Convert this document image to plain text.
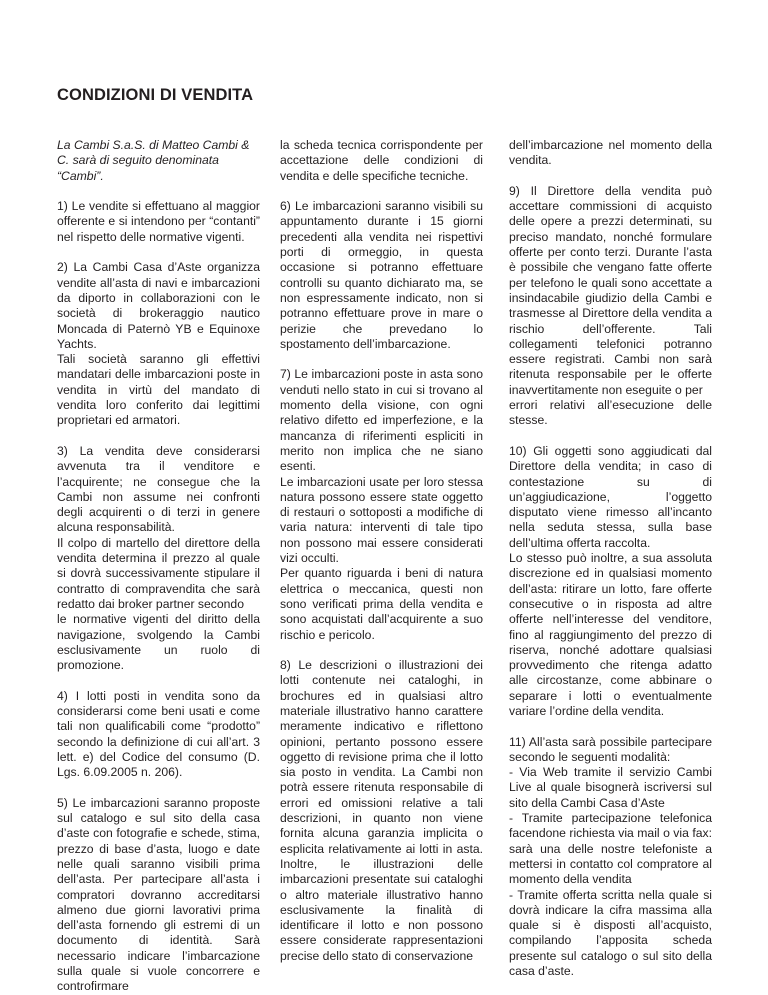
CONDIZIONI DI VENDITA

La Cambi S.a.S. di Matteo Cambi & C. sarà di seguito denominata “Cambi”.

1) Le vendite si effettuano al maggior offerente e si intendono per “contanti” nel rispetto delle normative vigenti.

2) La Cambi Casa d’Aste organizza vendite all’asta di navi e imbarcazioni da diporto in collaborazioni con le società di brokeraggio nautico Moncada di Paternò YB e Equinoxe Yachts.
Tali società saranno gli effettivi mandatari delle imbarcazioni poste in vendita in virtù del mandato di vendita loro conferito dai legittimi proprietari ed armatori.

3) La vendita deve considerarsi avvenuta tra il venditore e l’acquirente; ne consegue che la Cambi non assume nei confronti degli acquirenti o di terzi in genere alcuna responsabilità.
Il colpo di martello del direttore della vendita determina il prezzo al quale si dovrà successivamente stipulare il contratto di compravendita che sarà redatto dai broker partner secondo
le normative vigenti del diritto della navigazione, svolgendo la Cambi esclusivamente un ruolo di promozione.

4) I lotti posti in vendita sono da considerarsi come beni usati e come tali non qualificabili come “prodotto” secondo la definizione di cui all’art. 3 lett. e) del Codice del consumo (D. Lgs. 6.09.2005 n. 206).

5) Le imbarcazioni saranno proposte sul catalogo e sul sito della casa d’aste con fotografie e schede, stima, prezzo di base d’asta, luogo e date nelle quali saranno visibili prima dell’asta. Per partecipare all’asta i compratori dovranno accreditarsi almeno due giorni lavorativi prima dell’asta fornendo gli estremi di un documento di identità. Sarà necessario indicare l’imbarcazione sulla quale si vuole concorrere e controfirmare

la scheda tecnica corrispondente per accettazione delle condizioni di vendita e delle specifiche tecniche.

6) Le imbarcazioni saranno visibili su appuntamento durante i 15 giorni precedenti alla vendita nei rispettivi porti di ormeggio, in questa occasione si potranno effettuare controlli su quanto dichiarato ma, se non espressamente indicato, non si potranno effettuare prove in mare o perizie che prevedano lo spostamento dell’imbarcazione.

7) Le imbarcazioni poste in asta sono venduti nello stato in cui si trovano al momento della visione, con ogni relativo difetto ed imperfezione, e la mancanza di riferimenti espliciti in merito non implica che ne siano esenti.
Le imbarcazioni usate per loro stessa natura possono essere state oggetto di restauri o sottoposti a modifiche di varia natura: interventi di tale tipo non possono mai essere considerati vizi occulti.
Per quanto riguarda i beni di natura elettrica o meccanica, questi non sono verificati prima della vendita e sono acquistati dall’acquirente a suo rischio e pericolo.

8) Le descrizioni o illustrazioni dei lotti contenute nei cataloghi, in brochures ed in qualsiasi altro materiale illustrativo hanno carattere meramente indicativo e riflettono opinioni, pertanto possono essere oggetto di revisione prima che il lotto sia posto in vendita. La Cambi non potrà essere ritenuta responsabile di errori ed omissioni relative a tali descrizioni, in quanto non viene fornita alcuna garanzia implicita o esplicita relativamente ai lotti in asta. Inoltre, le illustrazioni delle imbarcazioni presentate sui cataloghi o altro materiale illustrativo hanno esclusivamente la finalità di identificare il lotto e non possono essere considerate rappresentazioni precise dello stato di conservazione

dell’imbarcazione nel momento della vendita.

9) Il Direttore della vendita può accettare commissioni di acquisto delle opere a prezzi determinati, su preciso mandato, nonché formulare offerte per conto terzi. Durante l’asta è possibile che vengano fatte offerte per telefono le quali sono accettate a insindacabile giudizio della Cambi e trasmesse al Direttore della vendita a rischio dell’offerente. Tali collegamenti telefonici potranno essere registrati. Cambi non sarà ritenuta responsabile per le offerte inavvertitamente non eseguite o per
errori relativi all’esecuzione delle stesse.

10) Gli oggetti sono aggiudicati dal Direttore della vendita; in caso di contestazione su di un’aggiudicazione, l’oggetto disputato viene rimesso all’incanto nella seduta stessa, sulla base dell’ultima offerta raccolta.
Lo stesso può inoltre, a sua assoluta discrezione ed in qualsiasi momento dell’asta: ritirare un lotto, fare offerte consecutive o in risposta ad altre offerte nell’interesse del venditore, fino al raggiungimento del prezzo di riserva, nonché adottare qualsiasi provvedimento che ritenga adatto alle circostanze, come abbinare o separare i lotti o eventualmente variare l’ordine della vendita.

11) All’asta sarà possibile partecipare secondo le seguenti modalità:
- Via Web tramite il servizio Cambi Live al quale bisognerà iscriversi sul sito della Cambi Casa d’Aste
- Tramite partecipazione telefonica facendone richiesta via mail o via fax: sarà una delle nostre telefoniste a mettersi in contatto col compratore al momento della vendita
- Tramite offerta scritta nella quale si dovrà indicare la cifra massima alla quale si è disposti all’acquisto, compilando l’apposita scheda presente sul catalogo o sul sito della casa d’aste.
